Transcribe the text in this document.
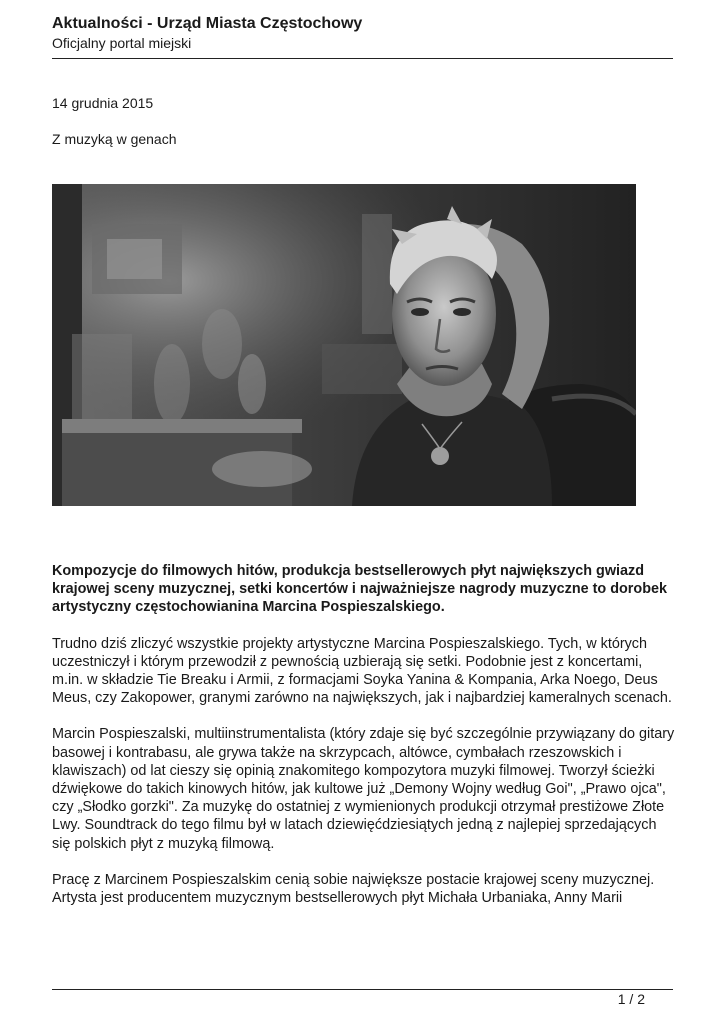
Aktualności - Urząd Miasta Częstochowy

Oficjalny portal miejski

14 grudnia 2015
Z muzyką w genach

Kompozycje do filmowych hitów, produkcja bestsellerowych płyt największych gwiazd krajowej sceny muzycznej, setki koncertów i najważniejsze nagrody muzyczne to dorobek artystyczny częstochowianina Marcina Pospieszalskiego.

Trudno dziś zliczyć wszystkie projekty artystyczne Marcina Pospieszalskiego. Tych, w których uczestniczył i którym przewodził z pewnością uzbierają się setki. Podobnie jest z koncertami, m.in. w składzie Tie Breaku i Armii, z formacjami Soyka Yanina & Kompania, Arka Noego, Deus Meus, czy Zakopower, granymi zarówno na największych, jak i najbardziej kameralnych scenach.

Marcin Pospieszalski, multiinstrumentalista (który zdaje się być szczególnie przywiązany do gitary basowej i kontrabasu, ale grywa także na skrzypcach, altówce, cymbałach rzeszowskich i klawiszach) od lat cieszy się opinią znakomitego kompozytora muzyki filmowej. Tworzył ścieżki dźwiękowe do takich kinowych hitów, jak kultowe już „Demony Wojny według Goi", „Prawo ojca", czy „Słodko gorzki". Za muzykę do ostatniej z wymienionych produkcji otrzymał prestiżowe Złote Lwy. Soundtrack do tego filmu był w latach dziewięćdziesiątych jedną z najlepiej sprzedających się polskich płyt z muzyką filmową.

Pracę z Marcinem Pospieszalskim cenią sobie największe postacie krajowej sceny muzycznej. Artysta jest producentem muzycznym bestsellerowych płyt Michała Urbaniaka, Anny Marii

1 / 2
